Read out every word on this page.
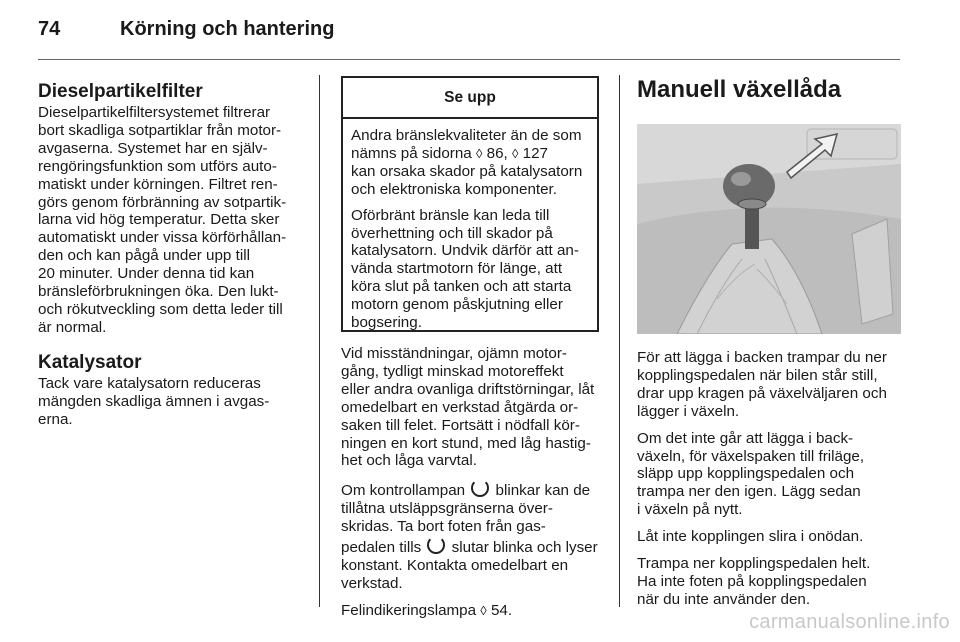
74	Körning och hantering
Dieselpartikelfilter

Dieselpartikelfiltersystemet filtrerar
bort skadliga sotpartiklar från motor-
avgaserna. Systemet har en själv-
rengöringsfunktion som utförs auto-
matiskt under körningen. Filtret ren-
görs genom förbränning av sotpartik-
larna vid hög temperatur. Detta sker
automatiskt under vissa körförhållan-
den och kan pågå under upp till
20 minuter. Under denna tid kan
bränsleförbrukningen öka. Den lukt-
och rökutveckling som detta leder till
är normal.

Katalysator

Tack vare katalysatorn reduceras
mängden skadliga ämnen i avgas-
erna.

Se upp

Andra bränslekvaliteter än de som
nämns på sidorna ◊ 86, ◊ 127
kan orsaka skador på katalysatorn
och elektroniska komponenter.

Oförbränt bränsle kan leda till
överhettning och till skador på
katalysatorn. Undvik därför att an-
vända startmotorn för länge, att
köra slut på tanken och att starta
motorn genom påskjutning eller
bogsering.

Vid misständningar, ojämn motor-
gång, tydligt minskad motoreffekt
eller andra ovanliga driftstörningar, låt
omedelbart en verkstad åtgärda or-
saken till felet. Fortsätt i nödfall kör-
ningen en kort stund, med låg hastig-
het och låga varvtal.

Om kontrollampan  blinkar kan de
tillåtna utsläppsgränserna över-
skridas. Ta bort foten från gas-
pedalen tills  slutar blinka och lyser
konstant. Kontakta omedelbart en
verkstad.

Felindikeringslampa ◊ 54.

Manuell växellåda

För att lägga i backen trampar du ner
kopplingspedalen när bilen står still,
drar upp kragen på växelväljaren och
lägger i växeln.

Om det inte går att lägga i back-
växeln, för växelspaken till friläge,
släpp upp kopplingspedalen och
trampa ner den igen. Lägg sedan
i växeln på nytt.

Låt inte kopplingen slira i onödan.

Trampa ner kopplingspedalen helt.
Ha inte foten på kopplingspedalen
när du inte använder den.

carmanualsonline.info
